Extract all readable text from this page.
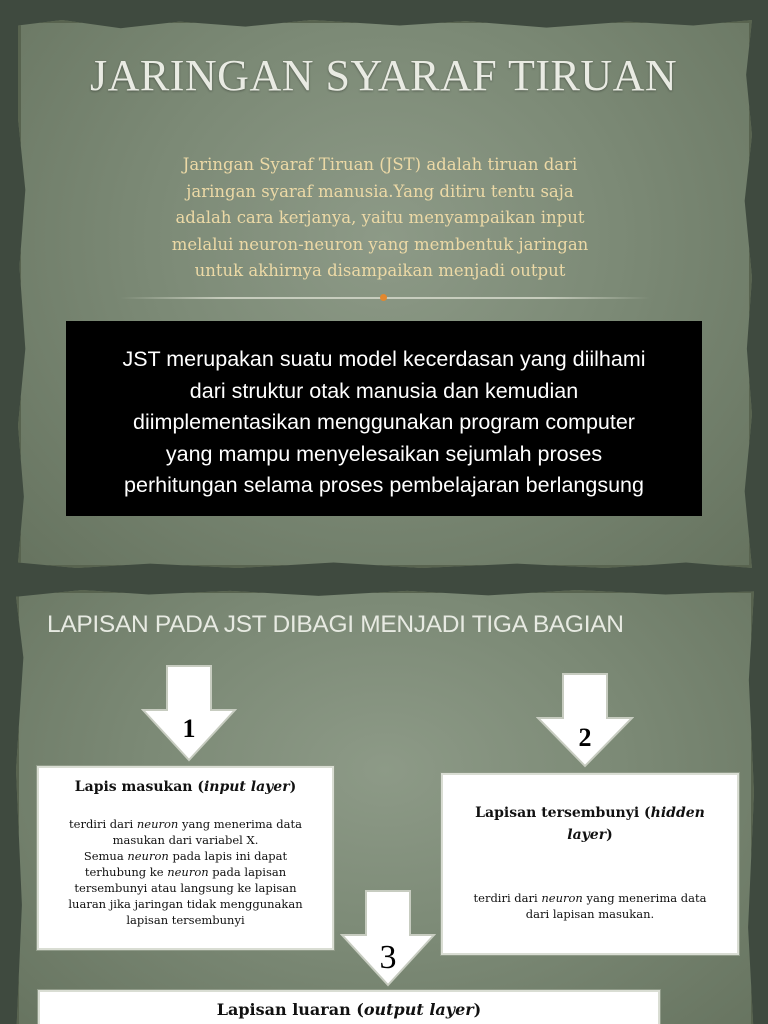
JARINGAN SYARAF TIRUAN
Jaringan Syaraf Tiruan (JST) adalah tiruan dari
jaringan syaraf manusia.Yang ditiru tentu saja
adalah cara kerjanya, yaitu menyampaikan input
melalui neuron-neuron yang membentuk jaringan
untuk akhirnya disampaikan menjadi output
JST merupakan suatu model kecerdasan yang diilhami
dari struktur otak manusia dan kemudian
diimplementasikan menggunakan program computer
yang mampu menyelesaikan sejumlah proses
perhitungan selama proses pembelajaran berlangsung
LAPISAN PADA JST DIBAGI MENJADI TIGA BAGIAN
1	2
Lapis masukan (input layer)
terdiri dari neuron yang menerima data masukan dari variabel X.
Semua neuron pada lapis ini dapat terhubung ke neuron pada lapisan tersembunyi atau langsung ke lapisan luaran jika jaringan tidak menggunakan lapisan tersembunyi
Lapisan tersembunyi (hidden layer)
terdiri dari neuron yang menerima data dari lapisan masukan.
3
Lapisan luaran (output layer)
